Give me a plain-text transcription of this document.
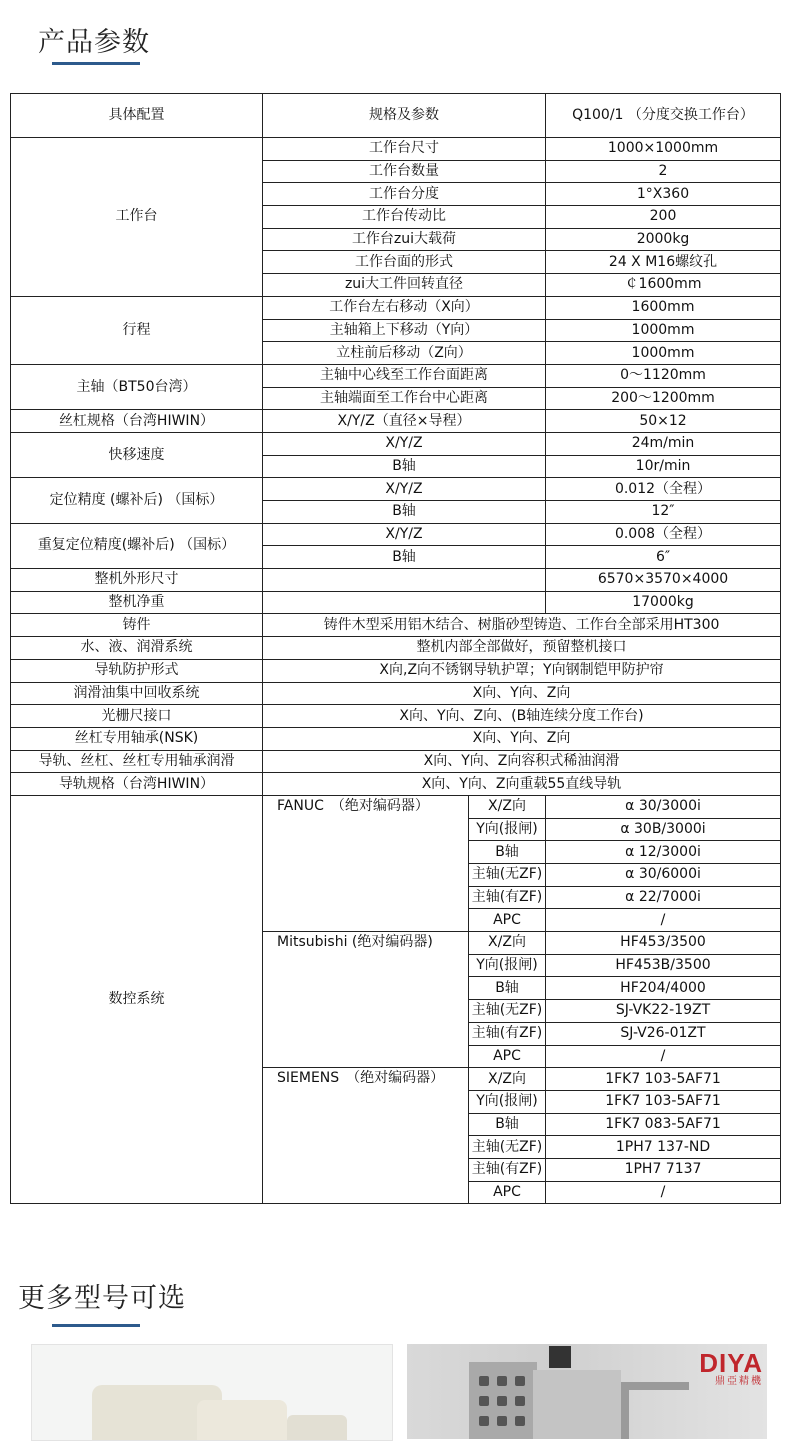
产品参数
具体配置	规格及参数		Q100/1 （分度交换工作台）
工作台	工作台尺寸		1000×1000mm
	工作台数量		2
	工作台分度		1°X360
	工作台传动比		200
	工作台zui大载荷		2000kg
	工作台面的形式		24 X M16螺纹孔
	zui大工件回转直径		￠1600mm
行程	工作台左右移动（X向）		1600mm
	主轴箱上下移动（Y向）		1000mm
	立柱前后移动（Z向）		1000mm
主轴（BT50台湾）	主轴中心线至工作台面距离		0～1120mm
	主轴端面至工作台中心距离		200～1200mm
丝杠规格（台湾HIWIN）	X/Y/Z（直径×导程）		50×12
快移速度	X/Y/Z		24m/min
	B轴		10r/min
定位精度 (螺补后) （国标）	X/Y/Z		0.012（全程）
	B轴		12″
重复定位精度(螺补后) （国标）	X/Y/Z		0.008（全程）
	B轴		6″
整机外形尺寸			6570×3570×4000
整机净重			17000kg
铸件	铸件木型采用铝木结合、树脂砂型铸造、工作台全部采用HT300		
水、液、润滑系统	整机内部全部做好，预留整机接口		
导轨防护形式	X向,Z向不锈钢导轨护罩；Y向钢制铠甲防护帘		
润滑油集中回收系统	X向、Y向、Z向		
光栅尺接口	X向、Y向、Z向、(B轴连续分度工作台)		
丝杠专用轴承(NSK)	X向、Y向、Z向		
导轨、丝杠、丝杠专用轴承润滑	X向、Y向、Z向容积式稀油润滑		
导轨规格（台湾HIWIN）	X向、Y向、Z向重载55直线导轨		
数控系统	FANUC　（绝对编码器）	X/Z向	α 30/3000i
		Y向(报闸)	α 30B/3000i
		B轴	α 12/3000i
		主轴(无ZF)	α 30/6000i
		主轴(有ZF)	α 22/7000i
		APC	/
	Mitsubishi (绝对编码器)	X/Z向	HF453/3500
		Y向(报闸)	HF453B/3500
		B轴	HF204/4000
		主轴(无ZF)	SJ-VK22-19ZT
		主轴(有ZF)	SJ-V26-01ZT
		APC	/
	SIEMENS　（绝对编码器）	X/Z向	1FK7 103-5AF71
		Y向(报闸)	1FK7 103-5AF71
		B轴	1FK7 083-5AF71
		主轴(无ZF)	1PH7 137-ND
		主轴(有ZF)	1PH7 7137
		APC	/
更多型号可选
DIYA
鼎亞精機
